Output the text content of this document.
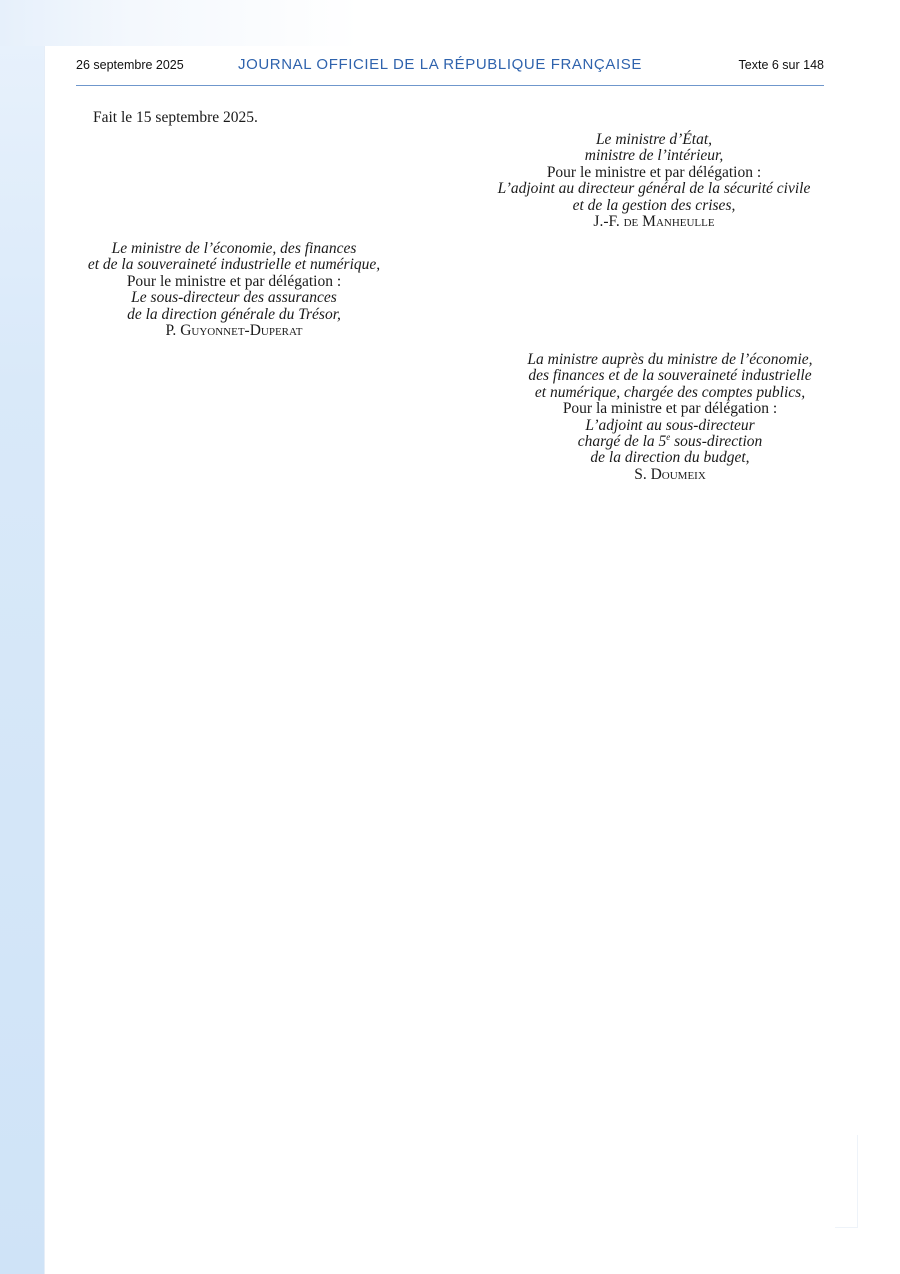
26 septembre 2025	JOURNAL OFFICIEL DE LA RÉPUBLIQUE FRANÇAISE	Texte 6 sur 148
Fait le 15 septembre 2025.
Le ministre d’État,
ministre de l’intérieur,
Pour le ministre et par délégation :
L’adjoint au directeur général de la sécurité civile
et de la gestion des crises,
J.-F. de Manheulle
Le ministre de l’économie, des finances
et de la souveraineté industrielle et numérique,
Pour le ministre et par délégation :
Le sous-directeur des assurances
de la direction générale du Trésor,
P. Guyonnet-Duperat
La ministre auprès du ministre de l’économie,
des finances et de la souveraineté industrielle
et numérique, chargée des comptes publics,
Pour la ministre et par délégation :
L’adjoint au sous-directeur
chargé de la 5e sous-direction
de la direction du budget,
S. Doumeix
